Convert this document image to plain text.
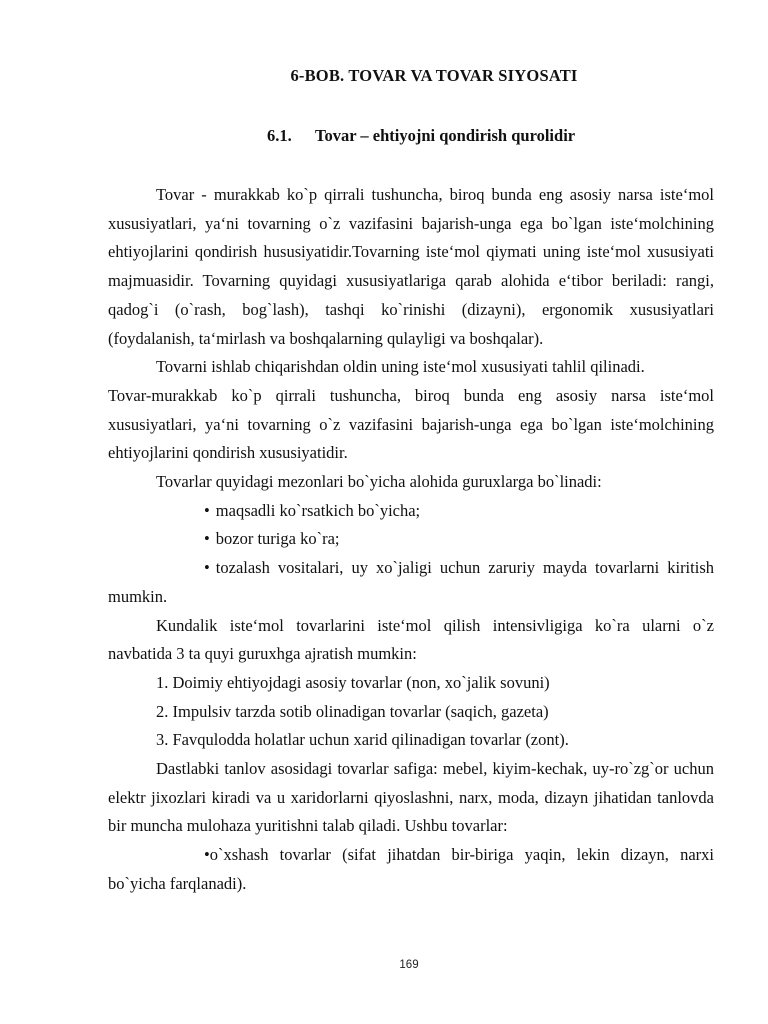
6-BOB. TOVAR VA TOVAR SIYOSATI
6.1. Tovar – ehtiyojni qondirish qurolidir

Tovar - murakkab ko`p qirrali tushuncha, biroq bunda eng asosiy narsa iste‘mol xususiyatlari, ya‘ni tovarning o`z vazifasini bajarish-unga ega bo`lgan iste‘molchining ehtiyojlarini qondirish hususiyatidir.Tovarning iste‘mol qiymati uning iste‘mol xususiyati majmuasidir. Tovarning quyidagi xususiyatlariga qarab alohida e‘tibor beriladi: rangi, qadog`i (o`rash, bog`lash), tashqi ko`rinishi (dizayni), ergonomik xususiyatlari (foydalanish, ta‘mirlash va boshqalarning qulayligi va boshqalar).

Tovarni ishlab chiqarishdan oldin uning iste‘mol xususiyati tahlil qilinadi.

Tovar-murakkab ko`p qirrali tushuncha, biroq bunda eng asosiy narsa iste‘mol xususiyatlari, ya‘ni tovarning o`z vazifasini bajarish-unga ega bo`lgan iste‘molchining ehtiyojlarini qondirish xususiyatidir.

Tovarlar quyidagi mezonlari bo`yicha alohida guruxlarga bo`linadi:

• maqsadli ko`rsatkich bo`yicha;

• bozor turiga ko`ra;

• tozalash vositalari, uy xo`jaligi uchun zaruriy mayda tovarlarni kiritish mumkin.

Kundalik iste‘mol tovarlarini iste‘mol qilish intensivligiga ko`ra ularni o`z navbatida 3 ta quyi guruxhga ajratish mumkin:

1. Doimiy ehtiyojdagi asosiy tovarlar (non, xo`jalik sovuni)

2. Impulsiv tarzda sotib olinadigan tovarlar (saqich, gazeta)

3. Favqulodda holatlar uchun xarid qilinadigan tovarlar (zont).

Dastlabki tanlov asosidagi tovarlar safiga: mebel, kiyim-kechak, uy-ro`zg`or uchun elektr jixozlari kiradi va u xaridorlarni qiyoslashni, narx, moda, dizayn jihatidan tanlovda bir muncha mulohaza yuritishni talab qiladi. Ushbu tovarlar:

•o`xshash tovarlar (sifat jihatdan bir-biriga yaqin, lekin dizayn, narxi bo`yicha farqlanadi).

169
